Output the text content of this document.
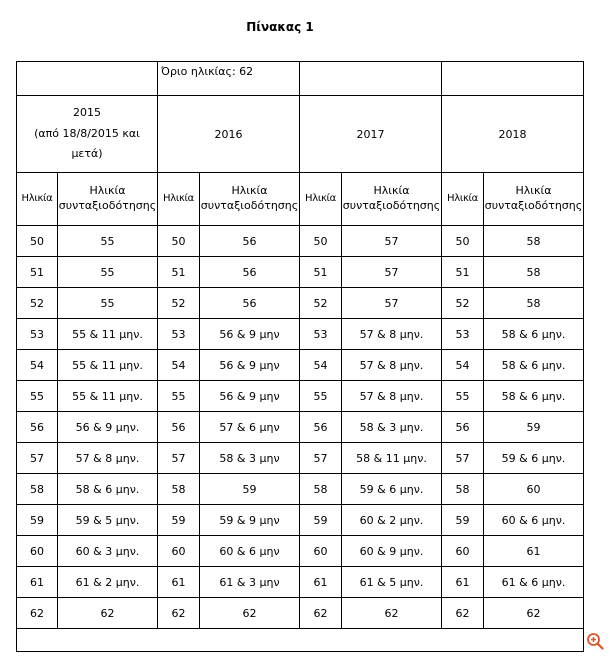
Πίνακας 1
		Όριο ηλικίας: 62					
2015
(από 18/8/2015 και μετά)		2016		2017		2018	
Ηλικία	Ηλικία συνταξιοδότησης	Ηλικία	Ηλικία συνταξιοδότησης	Ηλικία	Ηλικία συνταξιοδότησης	Ηλικία	Ηλικία συνταξιοδότησης
50	55	50	56	50	57	50	58
51	55	51	56	51	57	51	58
52	55	52	56	52	57	52	58
53	55 & 11 μην.	53	56 & 9 μην	53	57 & 8 μην.	53	58 & 6 μην.
54	55 & 11 μην.	54	56 & 9 μην	54	57 & 8 μην.	54	58 & 6 μην.
55	55 & 11 μην.	55	56 & 9 μην	55	57 & 8 μην.	55	58 & 6 μην.
56	56 & 9 μην.	56	57 & 6 μην	56	58 & 3 μην.	56	59
57	57 & 8 μην.	57	58 & 3 μην	57	58 & 11 μην.	57	59 & 6 μην.
58	58 & 6 μην.	58	59	58	59 & 6 μην.	58	60
59	59 & 5 μην.	59	59 & 9 μην	59	60 & 2 μην.	59	60 & 6 μην.
60	60 & 3 μην.	60	60 & 6 μην	60	60 & 9 μην.	60	61
61	61 & 2 μην.	61	61 & 3 μην	61	61 & 5 μην.	61	61 & 6 μην.
62	62	62	62	62	62	62	62
